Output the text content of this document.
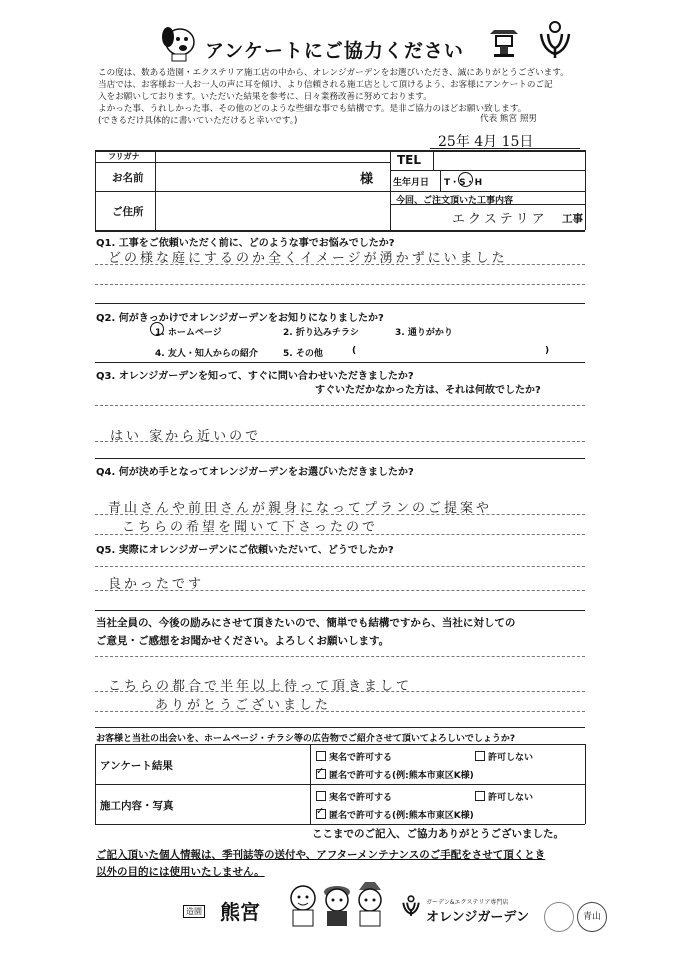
アンケートにご協力ください
この度は、数ある造園・エクステリア施工店の中から、オレンジガーデンをお選びいただき、誠にありがとうございます。
当店では、お客様お一人お一人の声に耳を傾け、より信頼される施工店として頂けるよう、お客様にアンケートのご記
入をお願いしております。いただいた結果を参考に、日々業務改善に努めております。
よかった事、うれしかった事、その他のどのような些細な事でも結構です。是非ご協力のほどお願い致します。
(できるだけ具体的に書いていただけると幸いです。)	代表 熊宮 照男
25年 4月 15日
フリガナ
お名前	様
ご住所
TEL
生年月日 T・S・H
今回、ご注文頂いた工事内容
エクステリア 工事
Q1. 工事をご依頼いただく前に、どのような事でお悩みでしたか?
どの様な庭にするのか全くイメージが湧かずにいました
Q2. 何がきっかけでオレンジガーデンをお知りになりましたか?
1. ホームページ	2. 折り込みチラシ	3. 通りがかり
4. 友人・知人からの紹介	5. その他	(	)
Q3. オレンジガーデンを知って、すぐに問い合わせいただきましたか?
すぐいただかなかった方は、それは何故でしたか?
はい 家から近いので
Q4. 何が決め手となってオレンジガーデンをお選びいただきましたか?
青山さんや前田さんが親身になってプランのご提案や
こちらの希望を聞いて下さったので
Q5. 実際にオレンジガーデンにご依頼いただいて、どうでしたか?
良かったです
当社全員の、今後の励みにさせて頂きたいので、簡単でも結構ですから、当社に対しての
ご意見・ご感想をお聞かせください。よろしくお願いします。
こちらの都合で半年以上待って頂きまして
ありがとうございました
お客様と当社の出会いを、ホームページ・チラシ等の広告物でご紹介させて頂いてよろしいでしょうか?
アンケート結果
実名で許可する	許可しない
✓匿名で許可する(例:熊本市東区K様)
施工内容・写真
実名で許可する	許可しない
✓匿名で許可する(例:熊本市東区K様)
ここまでのご記入、ご協力ありがとうございました。
ご記入頂いた個人情報は、季刊誌等の送付や、アフターメンテナンスのご手配をさせて頂くとき
以外の目的には使用いたしません。
造園 熊宮	ガーデン&エクステリア専門店
オレンジガーデン	青山
